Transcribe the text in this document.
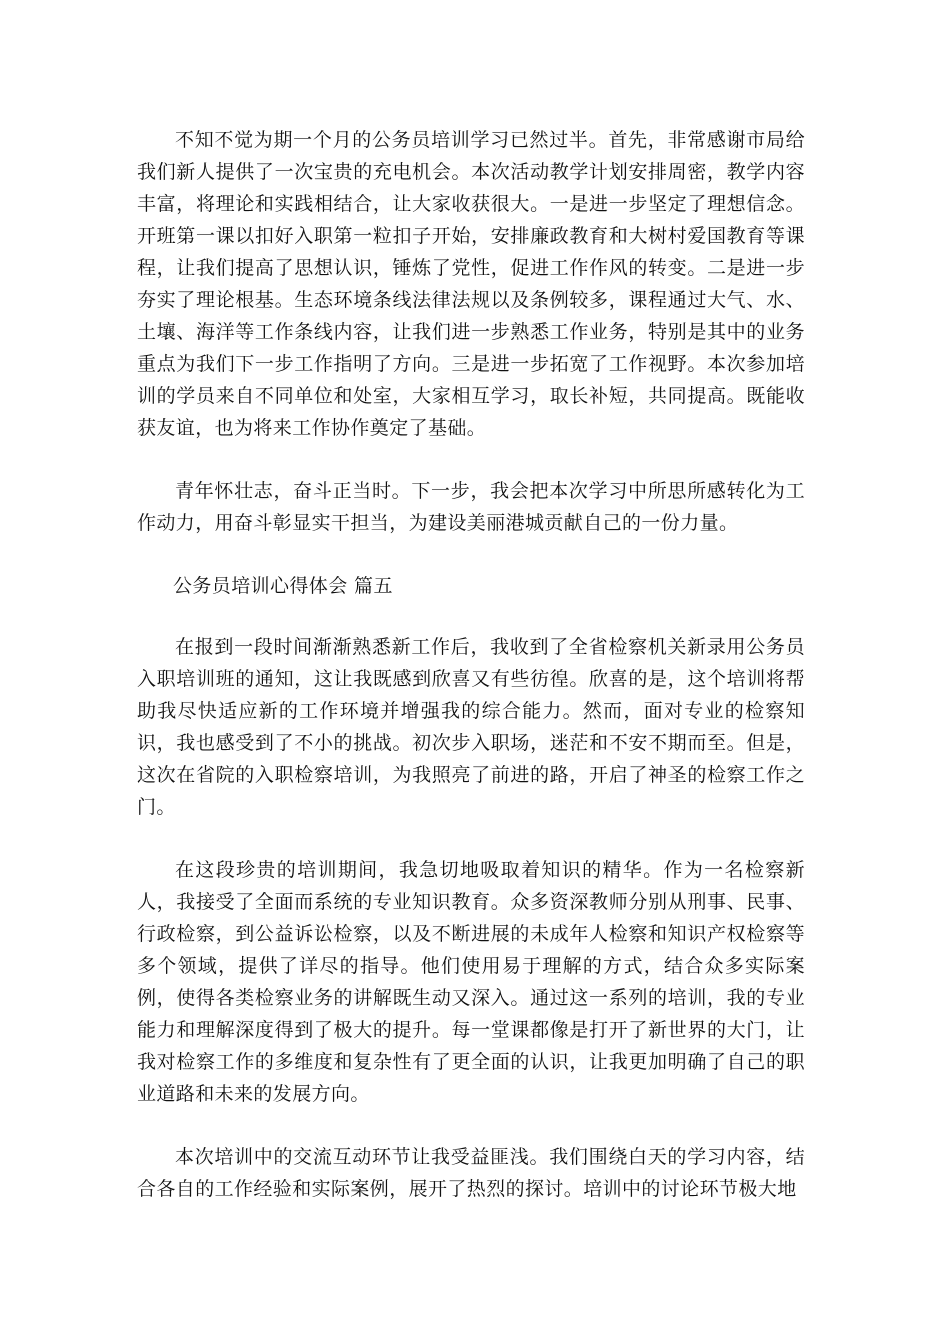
不知不觉为期一个月的公务员培训学习已然过半。首先，非常感谢市局给我们新人提供了一次宝贵的充电机会。本次活动教学计划安排周密，教学内容丰富，将理论和实践相结合，让大家收获很大。一是进一步坚定了理想信念。开班第一课以扣好入职第一粒扣子开始，安排廉政教育和大树村爱国教育等课程，让我们提高了思想认识，锤炼了党性，促进工作作风的转变。二是进一步夯实了理论根基。生态环境条线法律法规以及条例较多，课程通过大气、水、土壤、海洋等工作条线内容，让我们进一步熟悉工作业务，特别是其中的业务重点为我们下一步工作指明了方向。三是进一步拓宽了工作视野。本次参加培训的学员来自不同单位和处室，大家相互学习，取长补短，共同提高。既能收获友谊，也为将来工作协作奠定了基础。

青年怀壮志，奋斗正当时。下一步，我会把本次学习中所思所感转化为工作动力，用奋斗彰显实干担当，为建设美丽港城贡献自己的一份力量。

公务员培训心得体会 篇五

在报到一段时间渐渐熟悉新工作后，我收到了全省检察机关新录用公务员入职培训班的通知，这让我既感到欣喜又有些彷徨。欣喜的是，这个培训将帮助我尽快适应新的工作环境并增强我的综合能力。然而，面对专业的检察知识，我也感受到了不小的挑战。初次步入职场，迷茫和不安不期而至。但是，这次在省院的入职检察培训，为我照亮了前进的路，开启了神圣的检察工作之门。

在这段珍贵的培训期间，我急切地吸取着知识的精华。作为一名检察新人，我接受了全面而系统的专业知识教育。众多资深教师分别从刑事、民事、行政检察，到公益诉讼检察，以及不断进展的未成年人检察和知识产权检察等多个领域，提供了详尽的指导。他们使用易于理解的方式，结合众多实际案例，使得各类检察业务的讲解既生动又深入。通过这一系列的培训，我的专业能力和理解深度得到了极大的提升。每一堂课都像是打开了新世界的大门，让我对检察工作的多维度和复杂性有了更全面的认识，让我更加明确了自己的职业道路和未来的发展方向。

本次培训中的交流互动环节让我受益匪浅。我们围绕白天的学习内容，结合各自的工作经验和实际案例，展开了热烈的探讨。培训中的讨论环节极大地
